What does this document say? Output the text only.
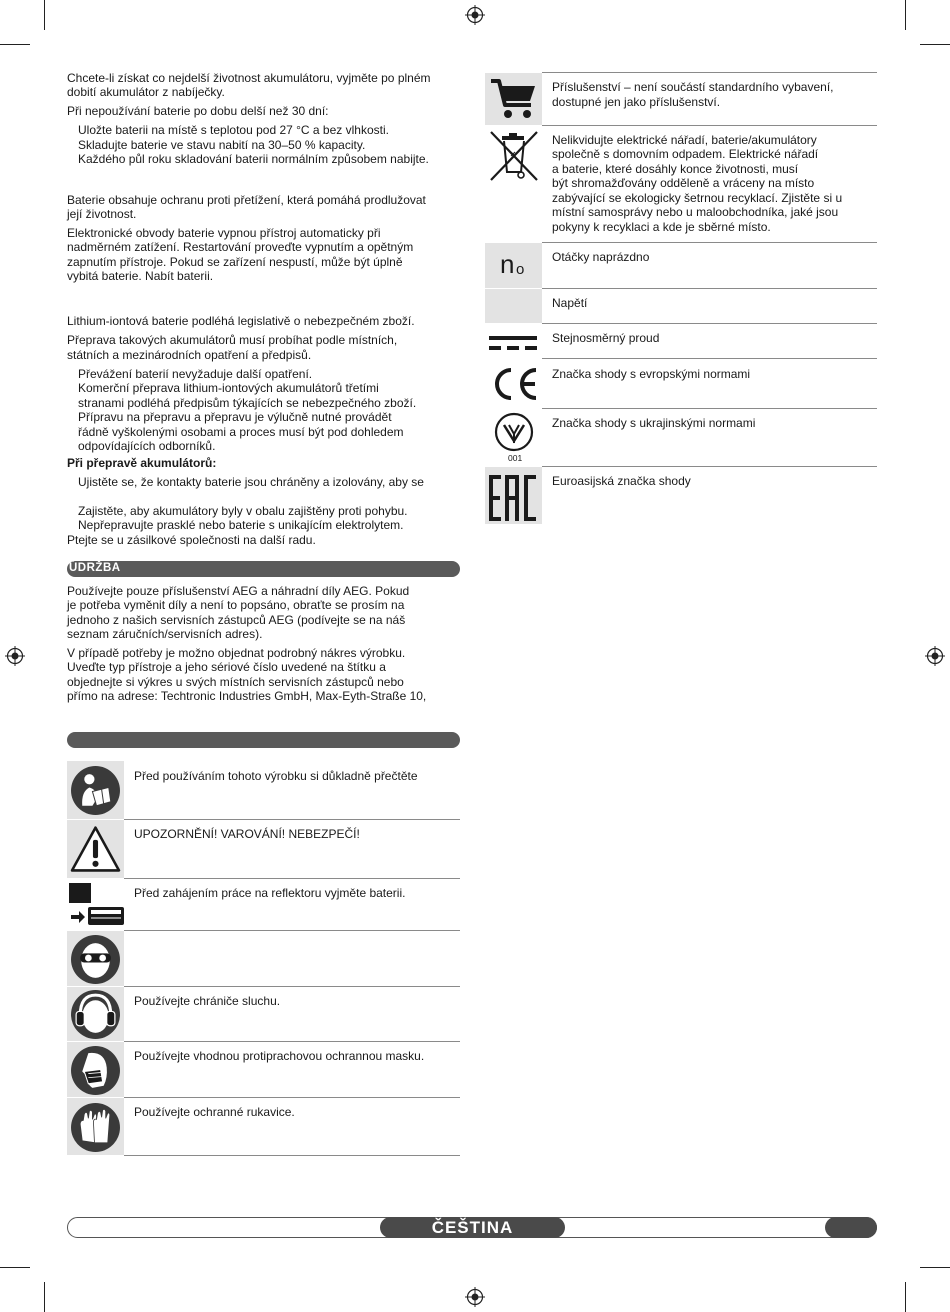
Chcete-li získat co nejdelší životnost akumulátoru, vyjměte po plném
dobití akumulátor z nabíječky.
Při nepoužívání baterie po dobu delší než 30 dní:
Uložte baterii na místě s teplotou pod 27 °C a bez vlhkosti.
Skladujte baterie ve stavu nabití na 30–50 % kapacity.
Každého půl roku skladování baterii normálním způsobem nabijte.
Baterie obsahuje ochranu proti přetížení, která pomáhá prodlužovat
její životnost.
Elektronické obvody baterie vypnou přístroj automaticky při
nadměrném zatížení. Restartování proveďte vypnutím a opětným
zapnutím přístroje. Pokud se zařízení nespustí, může být úplně
vybitá baterie. Nabít baterii.
Lithium-iontová baterie podléhá legislativě o nebezpečném zboží.
Přeprava takových akumulátorů musí probíhat podle místních,
státních a mezinárodních opatření a předpisů.
Převážení baterií nevyžaduje další opatření.
Komerční přeprava lithium-iontových akumulátorů třetími
stranami podléhá předpisům týkajících se nebezpečného zboží.
Přípravu na přepravu a přepravu je výlučně nutné provádět
řádně vyškolenými osobami a proces musí být pod dohledem
odpovídajících odborníků.
Při přepravě akumulátorů:
Ujistěte se, že kontakty baterie jsou chráněny a izolovány, aby se
Zajistěte, aby akumulátory byly v obalu zajištěny proti pohybu.
Nepřepravujte prasklé nebo baterie s unikajícím elektrolytem.
Ptejte se u zásilkové společnosti na další radu.
ÚDRŽBA
Používejte pouze příslušenství AEG a náhradní díly AEG. Pokud
je potřeba vyměnit díly a není to popsáno, obraťte se prosím na
jednoho z našich servisních zástupců AEG (podívejte se na náš
seznam záručních/servisních adres).
V případě potřeby je možno objednat podrobný nákres výrobku.
Uveďte typ přístroje a jeho sériové číslo uvedené na štítku a
objednejte si výkres u svých místních servisních zástupců nebo
přímo na adrese: Techtronic Industries GmbH, Max-Eyth-Straße 10,
Před používáním tohoto výrobku si důkladně přečtěte
UPOZORNĚNÍ! VAROVÁNÍ! NEBEZPEČÍ!
Před zahájením práce na reflektoru vyjměte baterii.
Používejte chrániče sluchu.
Používejte vhodnou protiprachovou ochrannou masku.
Používejte ochranné rukavice.
Příslušenství – není součástí standardního vybavení,
dostupné jen jako příslušenství.
Nelikvidujte elektrické nářadí, baterie/akumulátory
společně s domovním odpadem. Elektrické nářadí
a baterie, které dosáhly konce životnosti, musí
být shromažďovány odděleně a vráceny na místo
zabývající se ekologicky šetrnou recyklací. Zjistěte si u
místní samosprávy nebo u maloobchodníka, jaké jsou
pokyny k recyklaci a kde je sběrné místo.
n o
Otáčky naprázdno
Napětí
Stejnosměrný proud
Značka shody s evropskými normami
001
Značka shody s ukrajinskými normami
Euroasijská značka shody
ČEŠTINA
